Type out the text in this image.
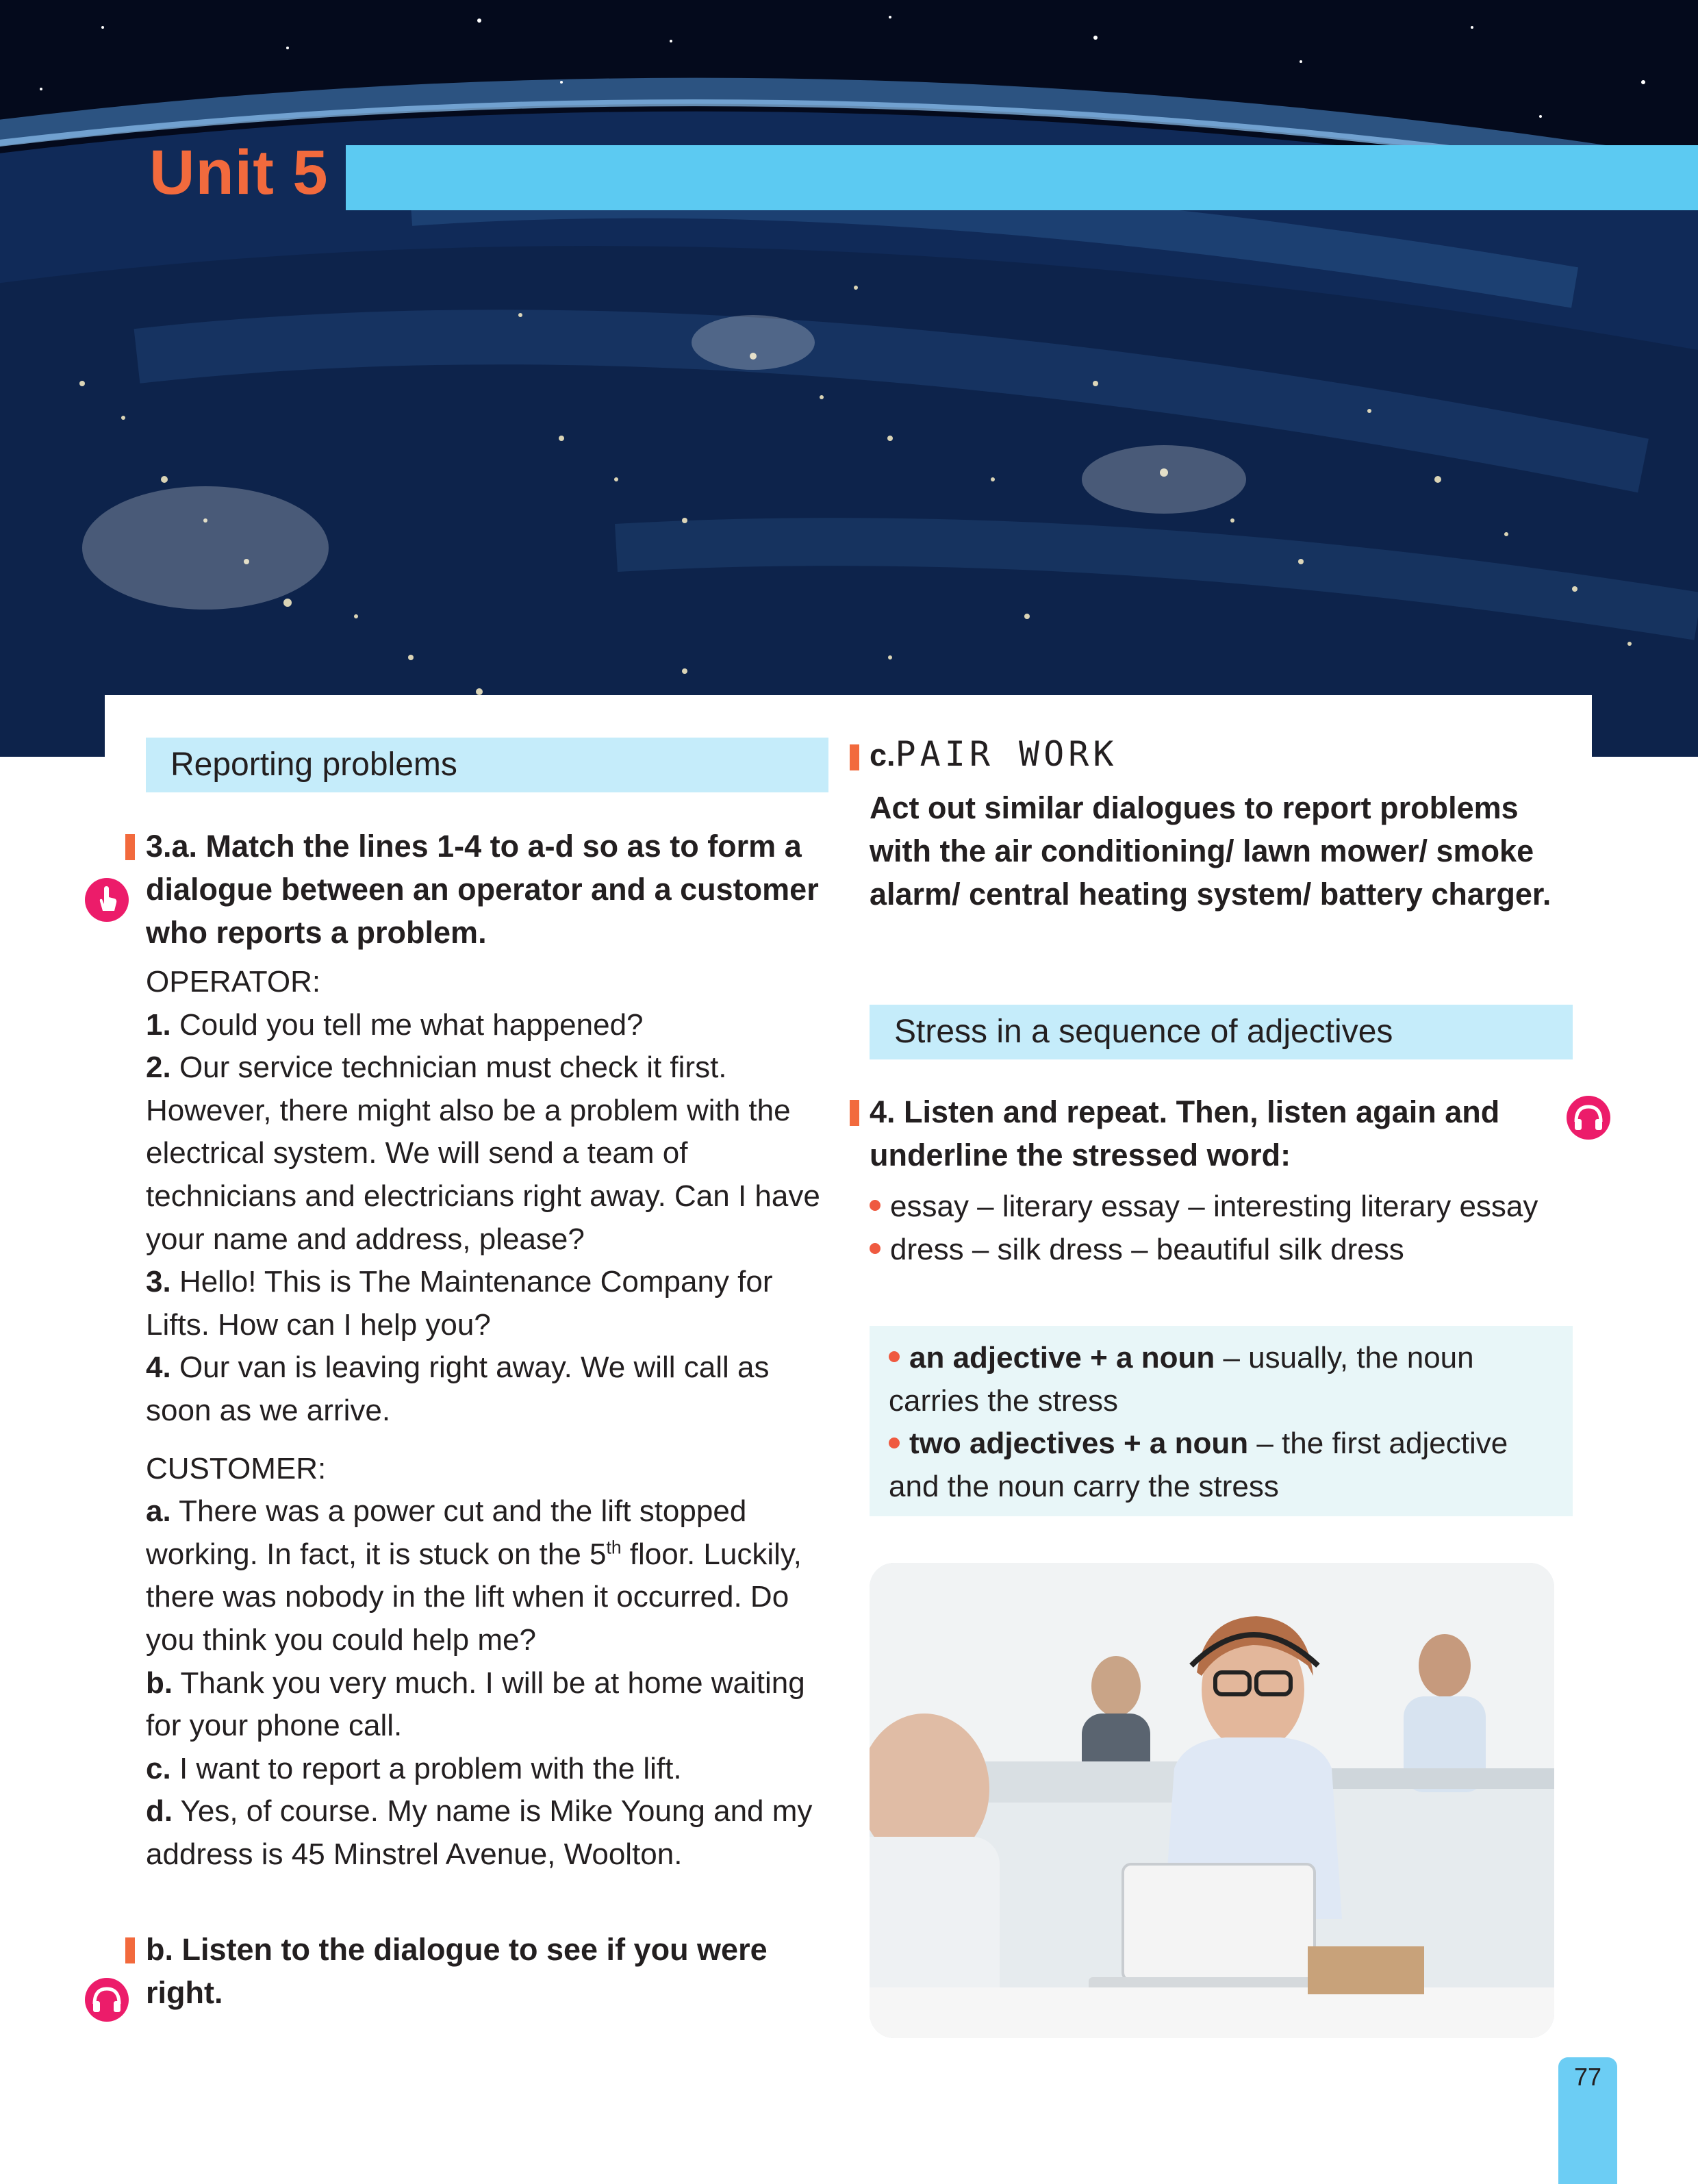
Unit 5
Reporting problems
3.a. Match the lines 1-4 to a-d so as to form a dialogue between an operator and a customer who reports a problem.

OPERATOR:

1. Could you tell me what happened?

2. Our service technician must check it first. However, there might also be a problem with the electrical system. We will send a team of technicians and electricians right away. Can I have your name and address, please?

3. Hello! This is The Maintenance Company for Lifts. How can I help you?

4. Our van is leaving right away. We will call as soon as we arrive.

CUSTOMER:

a. There was a power cut and the lift stopped working. In fact, it is stuck on the 5th floor. Luckily, there was nobody in the lift when it occurred. Do you think you could help me?

b. Thank you very much. I will be at home waiting for your phone call.

c. I want to report a problem with the lift.

d. Yes, of course. My name is Mike Young and my address is 45 Minstrel Avenue, Woolton.

b. Listen to the dialogue to see if you were right.
c.PAIR WORK
Act out similar dialogues to report problems with the air conditioning/ lawn mower/ smoke alarm/ central heating system/ battery charger.
Stress in a sequence of adjectives
4. Listen and repeat. Then, listen again and underline the stressed word:

essay – literary essay – interesting literary essay

dress – silk dress – beautiful silk dress

an adjective + a noun – usually, the noun carries the stress

two adjectives + a noun – the first adjective and the noun carry the stress

77
